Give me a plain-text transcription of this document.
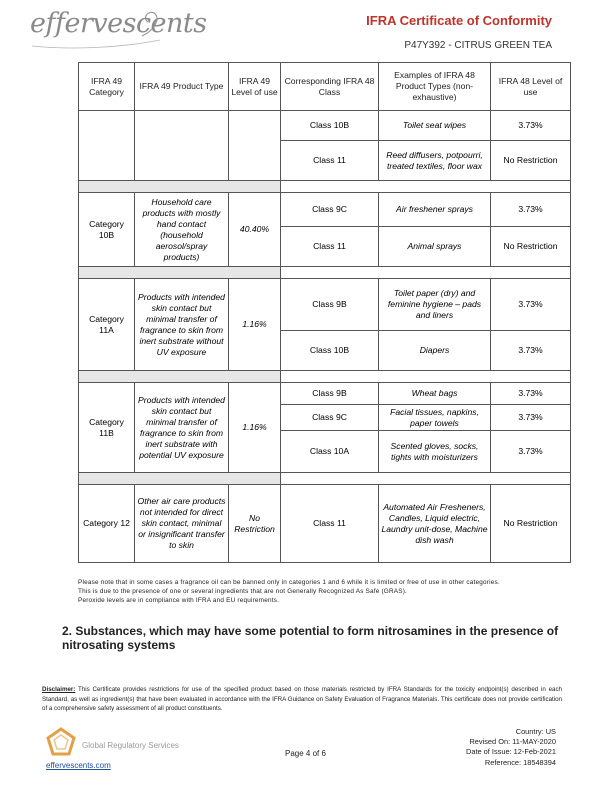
effervescents	IFRA Certificate of Conformity
P47Y392 - CITRUS GREEN TEA
IFRA 49 Category	IFRA 49 Product Type	IFRA 49 Level of use	Corresponding IFRA 48 Class	Examples of IFRA 48 Product Types (non-exhaustive)	IFRA 48 Level of use
			Class 10B	Toilet seat wipes	3.73%
			Class 11	Reed diffusers, potpourri, treated textiles, floor wax	No Restriction

Category 10B	Household care products with mostly hand contact (household aerosol/spray products)	40.40%	Class 9C	Air freshener sprays	3.73%
			Class 11	Animal sprays	No Restriction

Category 11A	Products with intended skin contact but minimal transfer of fragrance to skin from inert substrate without UV exposure	1.16%	Class 9B	Toilet paper (dry) and feminine hygiene – pads and liners	3.73%
			Class 10B	Diapers	3.73%

Category 11B	Products with intended skin contact but minimal transfer of fragrance to skin from inert substrate with potential UV exposure	1.16%	Class 9B	Wheat bags	3.73%
			Class 9C	Facial tissues, napkins, paper towels	3.73%
			Class 10A	Scented gloves, socks, tights with moisturizers	3.73%

Category 12	Other air care products not intended for direct skin contact, minimal or insignificant transfer to skin	No Restriction	Class 11	Automated Air Fresheners, Candles, Liquid electric, Laundry unit-dose, Machine dish wash	No Restriction
Please note that in some cases a fragrance oil can be banned only in categories 1 and 6 while it is limited or free of use in other categories.
This is due to the presence of one or several ingredients that are not Generally Recognized As Safe (GRAS).
Peroxide levels are in compliance with IFRA and EU requirements.
2. Substances, which may have some potential to form nitrosamines in the presence of nitrosating systems
Disclaimer: This Certificate provides restrictions for use of the specified product based on those materials restricted by IFRA Standards for the toxicity endpoint(s) described in each Standard, as well as ingredient(s) that have been evaluated in accordance with the IFRA Guidance on Safety Evaluation of Fragrance Materials. This certificate does not provide certification of a comprehensive safety assessment of all product constituents.
Global Regulatory Services
effervescents.com
Page 4 of 6
Country: US
Revised On: 11-MAY-2020
Date of Issue: 12-Feb-2021
Reference: 18548394
